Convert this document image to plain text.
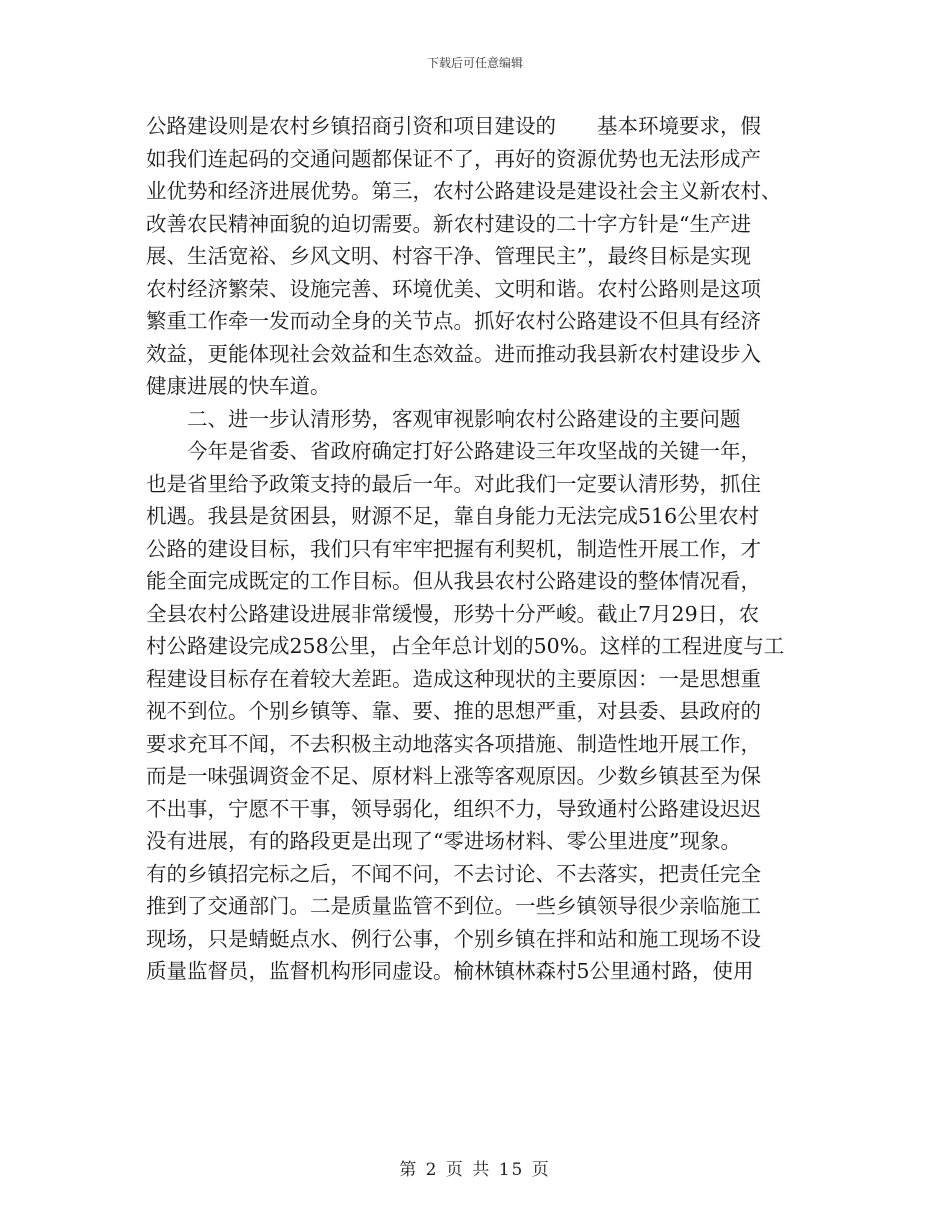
下载后可任意编辑

公路建设则是农村乡镇招商引资和项目建设的　　基本环境要求，假
如我们连起码的交通问题都保证不了，再好的资源优势也无法形成产
业优势和经济进展优势。第三，农村公路建设是建设社会主义新农村、
改善农民精神面貌的迫切需要。新农村建设的二十字方针是“生产进
展、生活宽裕、乡风文明、村容干净、管理民主”，最终目标是实现
农村经济繁荣、设施完善、环境优美、文明和谐。农村公路则是这项
繁重工作牵一发而动全身的关节点。抓好农村公路建设不但具有经济
效益，更能体现社会效益和生态效益。进而推动我县新农村建设步入
健康进展的快车道。

二、进一步认清形势，客观审视影响农村公路建设的主要问题

今年是省委、省政府确定打好公路建设三年攻坚战的关键一年，
也是省里给予政策支持的最后一年。对此我们一定要认清形势，抓住
机遇。我县是贫困县，财源不足，靠自身能力无法完成516公里农村
公路的建设目标，我们只有牢牢把握有利契机，制造性开展工作，才
能全面完成既定的工作目标。但从我县农村公路建设的整体情况看，
全县农村公路建设进展非常缓慢，形势十分严峻。截止7月29日，农
村公路建设完成258公里，占全年总计划的50%。这样的工程进度与工
程建设目标存在着较大差距。造成这种现状的主要原因：一是思想重
视不到位。个别乡镇等、靠、要、推的思想严重，对县委、县政府的
要求充耳不闻，不去积极主动地落实各项措施、制造性地开展工作，
而是一味强调资金不足、原材料上涨等客观原因。少数乡镇甚至为保
不出事，宁愿不干事，领导弱化，组织不力，导致通村公路建设迟迟
没有进展，有的路段更是出现了“零进场材料、零公里进度”现象。
有的乡镇招完标之后，不闻不问，不去讨论、不去落实，把责任完全
推到了交通部门。二是质量监管不到位。一些乡镇领导很少亲临施工
现场，只是蜻蜓点水、例行公事，个别乡镇在拌和站和施工现场不设
质量监督员，监督机构形同虚设。榆林镇林森村5公里通村路，使用

第 2 页 共 15 页
